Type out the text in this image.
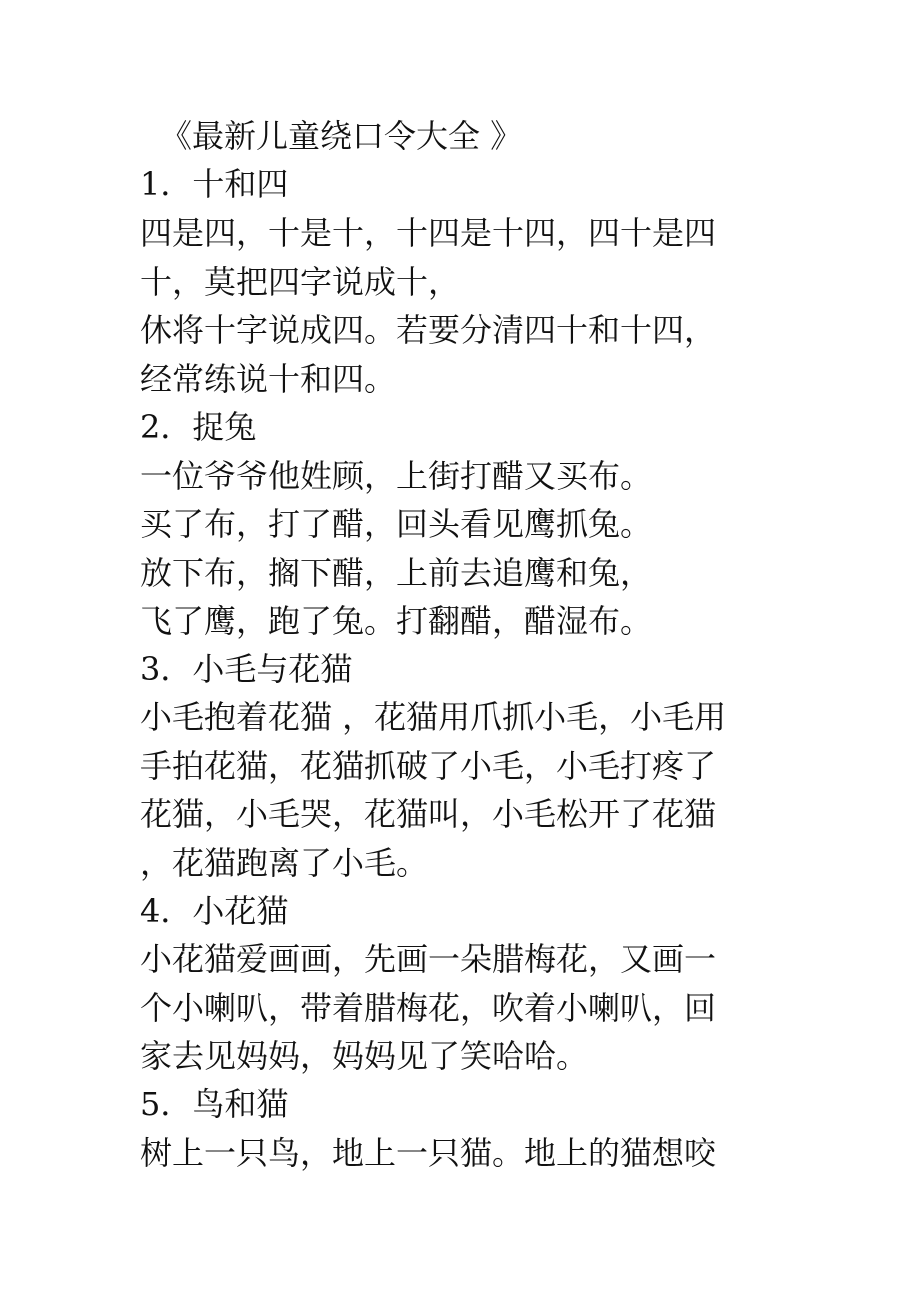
《最新儿童绕口令大全 》
1．十和四
四是四，十是十，十四是十四，四十是四
十，莫把四字说成十，
休将十字说成四。若要分清四十和十四，
经常练说十和四。
2．捉兔
一位爷爷他姓顾，上街打醋又买布。
买了布，打了醋，回头看见鹰抓兔。
放下布，搁下醋，上前去追鹰和兔，
飞了鹰，跑了兔。打翻醋，醋湿布。
3．小毛与花猫
小毛抱着花猫 ，花猫用爪抓小毛，小毛用
手拍花猫，花猫抓破了小毛，小毛打疼了
花猫，小毛哭，花猫叫，小毛松开了花猫
，花猫跑离了小毛。
4．小花猫
小花猫爱画画，先画一朵腊梅花，又画一
个小喇叭，带着腊梅花，吹着小喇叭，回
家去见妈妈，妈妈见了笑哈哈。
5．鸟和猫
树上一只鸟，地上一只猫。地上的猫想咬
